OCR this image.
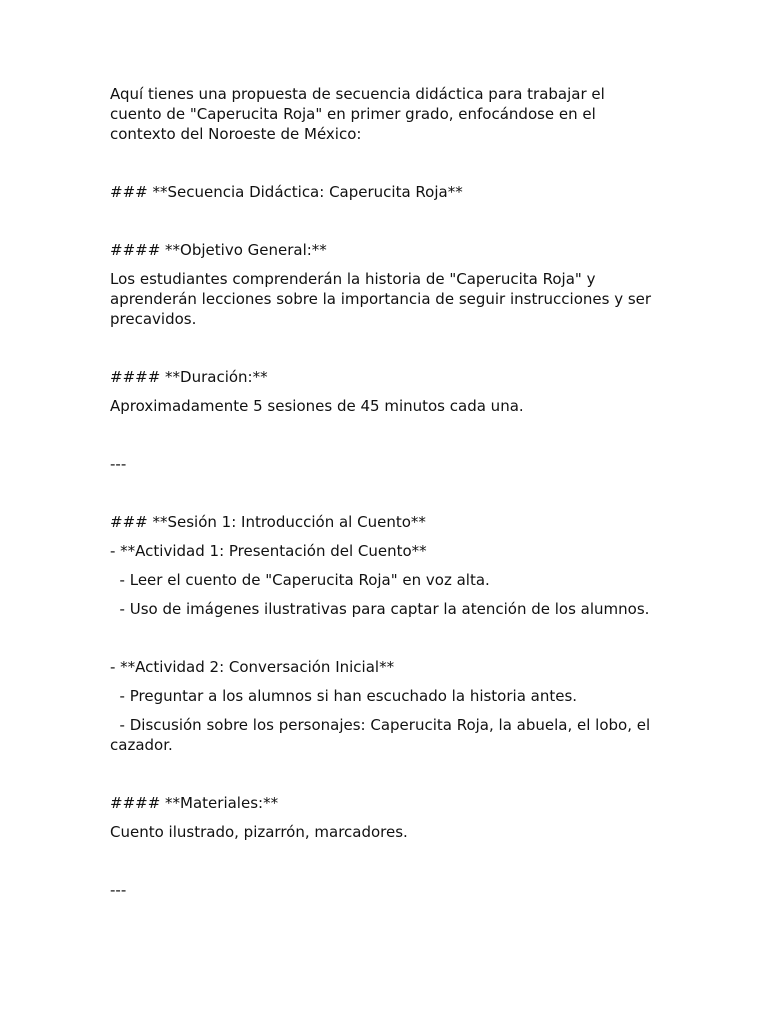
Aquí tienes una propuesta de secuencia didáctica para trabajar el cuento de "Caperucita Roja" en primer grado, enfocándose en el contexto del Noroeste de México:

### **Secuencia Didáctica: Caperucita Roja**

#### **Objetivo General:**

Los estudiantes comprenderán la historia de "Caperucita Roja" y aprenderán lecciones sobre la importancia de seguir instrucciones y ser precavidos.

#### **Duración:**

Aproximadamente 5 sesiones de 45 minutos cada una.

---

### **Sesión 1: Introducción al Cuento**

- **Actividad 1: Presentación del Cuento**

- Leer el cuento de "Caperucita Roja" en voz alta.

- Uso de imágenes ilustrativas para captar la atención de los alumnos.

- **Actividad 2: Conversación Inicial**

- Preguntar a los alumnos si han escuchado la historia antes.

- Discusión sobre los personajes: Caperucita Roja, la abuela, el lobo, el cazador.

#### **Materiales:**

Cuento ilustrado, pizarrón, marcadores.

---
